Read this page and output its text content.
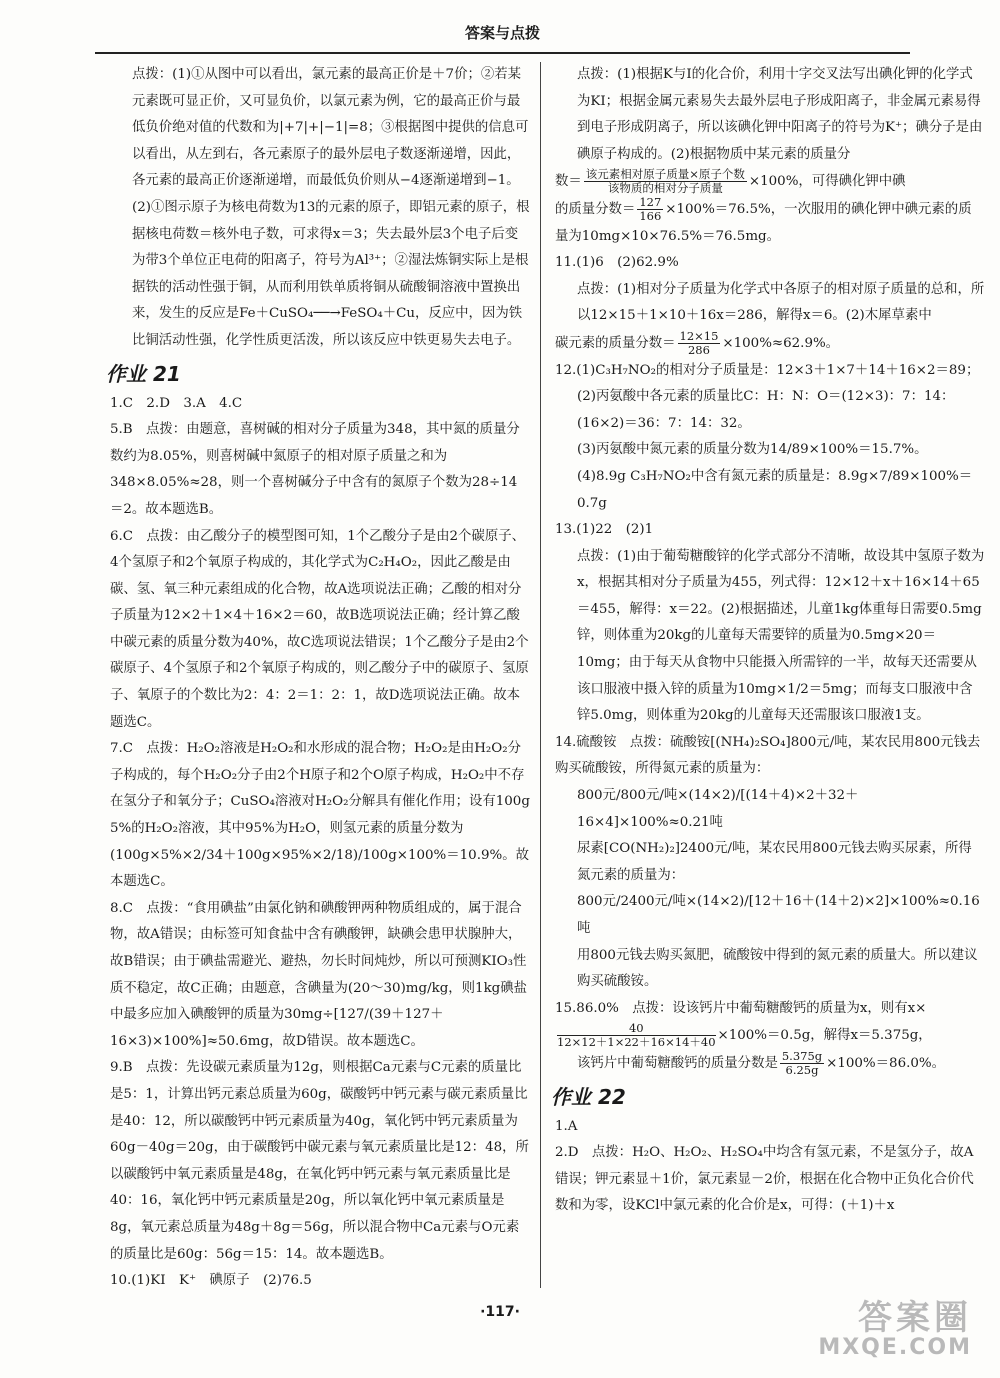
答案与点拨

点拨：(1)①从图中可以看出，氯元素的最高正价是＋7价；②若某元素既可显正价，又可显负价，以氯元素为例，它的最高正价与最低负价绝对值的代数和为|+7|+|−1|=8；③根据图中提供的信息可以看出，从左到右，各元素原子的最外层电子数逐渐递增，因此，各元素的最高正价逐渐递增，而最低负价则从−4逐渐递增到−1。(2)①图示原子为核电荷数为13的元素的原子，即铝元素的原子，根据核电荷数＝核外电子数，可求得x＝3；失去最外层3个电子后变为带3个单位正电荷的阳离子，符号为Al³⁺；②湿法炼铜实际上是根据铁的活动性强于铜，从而利用铁单质将铜从硫酸铜溶液中置换出来，发生的反应是Fe＋CuSO₄──→FeSO₄＋Cu，反应中，因为铁比铜活动性强，化学性质更活泼，所以该反应中铁更易失去电子。

作业 21

1.C　2.D　3.A　4.C

5.B　点拨：由题意，喜树碱的相对分子质量为348，其中氮的质量分数约为8.05%，则喜树碱中氮原子的相对原子质量之和为348×8.05%≈28，则一个喜树碱分子中含有的氮原子个数为28÷14＝2。故本题选B。

6.C　点拨：由乙酸分子的模型图可知，1个乙酸分子是由2个碳原子、4个氢原子和2个氧原子构成的，其化学式为C₂H₄O₂，因此乙酸是由碳、氢、氧三种元素组成的化合物，故A选项说法正确；乙酸的相对分子质量为12×2＋1×4＋16×2＝60，故B选项说法正确；经计算乙酸中碳元素的质量分数为40%，故C选项说法错误；1个乙酸分子是由2个碳原子、4个氢原子和2个氧原子构成的，则乙酸分子中的碳原子、氢原子、氧原子的个数比为2：4：2＝1：2：1，故D选项说法正确。故本题选C。

7.C　点拨：H₂O₂溶液是H₂O₂和水形成的混合物；H₂O₂是由H₂O₂分子构成的，每个H₂O₂分子由2个H原子和2个O原子构成，H₂O₂中不存在氢分子和氧分子；CuSO₄溶液对H₂O₂分解具有催化作用；设有100g 5%的H₂O₂溶液，其中95%为H₂O，则氢元素的质量分数为(100g×5%×2/34＋100g×95%×2/18)/100g×100%＝10.9%。故本题选C。

8.C　点拨：“食用碘盐”由氯化钠和碘酸钾两种物质组成的，属于混合物，故A错误；由标签可知食盐中含有碘酸钾，缺碘会患甲状腺肿大，故B错误；由于碘盐需避光、避热，勿长时间炖炒，所以可预测KIO₃性质不稳定，故C正确；由题意，含碘量为(20～30)mg/kg，则1kg碘盐中最多应加入碘酸钾的质量为30mg÷[127/(39＋127＋16×3)×100%]≈50.6mg，故D错误。故本题选C。

9.B　点拨：先设碳元素质量为12g，则根据Ca元素与C元素的质量比是5：1，计算出钙元素总质量为60g，碳酸钙中钙元素与碳元素质量比是40：12，所以碳酸钙中钙元素质量为40g，氧化钙中钙元素质量为60g－40g＝20g，由于碳酸钙中碳元素与氧元素质量比是12：48，所以碳酸钙中氧元素质量是48g，在氧化钙中钙元素与氧元素质量比是40：16，氧化钙中钙元素质量是20g，所以氧化钙中氧元素质量是8g，氧元素总质量为48g＋8g＝56g，所以混合物中Ca元素与O元素的质量比是60g：56g＝15：14。故本题选B。

10.(1)KI　K⁺　碘原子　(2)76.5

点拨：(1)根据K与I的化合价，利用十字交叉法写出碘化钾的化学式为KI；根据金属元素易失去最外层电子形成阳离子，非金属元素易得到电子形成阴离子，所以该碘化钾中阳离子的符号为K⁺；碘分子是由碘原子构成的。(2)根据物质中某元素的质量分

数＝ $\frac{\text{该元素相对原子质量×原子个数}}{\text{该物质的相对分子质量}} \times 100\%$，可得碘化钾中碘

的质量分数＝ $\frac{127}{166} \times 100\%=76.5\%$，一次服用的碘化钾中碘元素的质

量为10mg×10×76.5%＝76.5mg。

11.(1)6　(2)62.9%

点拨：(1)相对分子质量为化学式中各原子的相对原子质量的总和，所以12×15＋1×10＋16x＝286，解得x＝6。(2)木犀草素中

碳元素的质量分数＝ $\frac{12\times 15}{286} \times 100\%\approx 62.9\%$。

12.(1)C₃H₇NO₂的相对分子质量是：12×3＋1×7＋14＋16×2＝89；

(2)丙氨酸中各元素的质量比C：H：N：O＝(12×3)：7：14：(16×2)＝36：7：14：32。

(3)丙氨酸中氮元素的质量分数为14/89×100%＝15.7%。

(4)8.9g C₃H₇NO₂中含有氮元素的质量是：8.9g×7/89×100%＝0.7g

13.(1)22　(2)1

点拨：(1)由于葡萄糖酸锌的化学式部分不清晰，故设其中氢原子数为x，根据其相对分子质量为455，列式得：12×12＋x＋16×14＋65＝455，解得：x＝22。(2)根据描述，儿童1kg体重每日需要0.5mg锌，则体重为20kg的儿童每天需要锌的质量为0.5mg×20＝10mg；由于每天从食物中只能摄入所需锌的一半，故每天还需要从该口服液中摄入锌的质量为10mg×1/2＝5mg；而每支口服液中含锌5.0mg，则体重为20kg的儿童每天还需服该口服液1支。

14.硫酸铵　点拨：硫酸铵[(NH₄)₂SO₄]800元/吨，某农民用800元钱去购买硫酸铵，所得氮元素的质量为：

800元/800元/吨×(14×2)/[(14＋4)×2＋32＋16×4]×100%≈0.21吨

尿素[CO(NH₂)₂]2400元/吨，某农民用800元钱去购买尿素，所得氮元素的质量为：

800元/2400元/吨×(14×2)/[12＋16＋(14＋2)×2]×100%≈0.16吨

用800元钱去购买氮肥，硫酸铵中得到的氮元素的质量大。所以建议购买硫酸铵。

15.86.0%　点拨：设该钙片中葡萄糖酸钙的质量为x，则有x×

$\frac{40}{12\times 12+1\times 22+16\times 14+40} \times 100\%=0.5g$，解得x＝5.375g，

该钙片中葡萄糖酸钙的质量分数是 $\frac{5.375g}{6.25g} \times 100\%=86.0\%$。

作业 22

1.A

2.D　点拨：H₂O、H₂O₂、H₂SO₄中均含有氢元素，不是氢分子，故A错误；钾元素显＋1价，氯元素显－2价，根据在化合物中正负化合价代数和为零，设KCl中氯元素的化合价是x，可得：(＋1)＋x

·117·	答案圈
MXQE.COM
